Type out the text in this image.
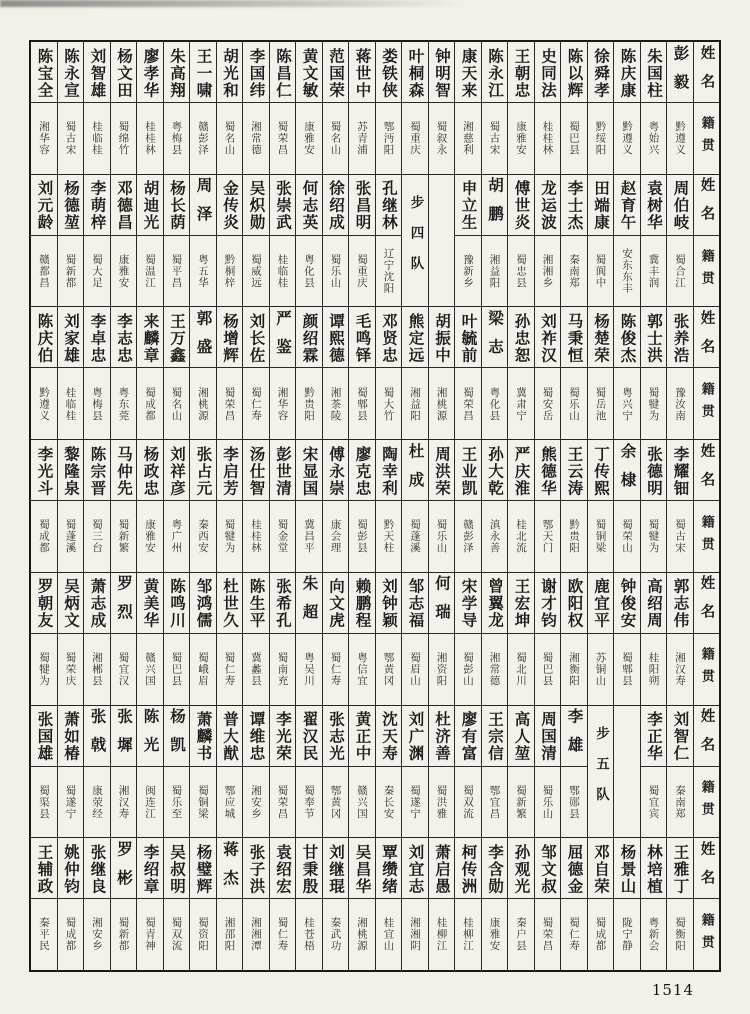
陈宝全
湘华容
陈永宣
蜀古宋
刘智雄
桂临桂
杨文田
蜀绵竹
廖孝华
桂桂林
朱高翔
粤梅县
王一啸
赣彭泽
胡光和
蜀名山
李国纬
湘常德
陈昌仁
蜀荣昌
黄文敏
康雅安
范国荣
蜀名山
蒋世中
苏青浦
娄铁侠
鄂沔阳
叶桐森
蜀重庆
钟明智
蜀叙永
康天来
湘慈利
陈永江
蜀古宋
王朝忠
康雅安
史同法
桂桂林
陈以辉
蜀巴县
徐舜孝
黔绥阳
陈庆康
黔遵义
朱国柱
粤始兴
彭毅
黔遵义
姓名
籍贯
刘元龄
赣都昌
杨德堃
蜀新都
李萌梓
蜀大足
邓德昌
康雅安
胡迪光
蜀温江
杨长荫
蜀平昌
周泽
粤五华
金传炎
黔桐梓
吴炽勋
蜀威远
张崇武
桂临桂
何志英
粤化县
徐绍成
蜀乐山
张昌明
蜀重庆
孔继林
辽宁沈阳 步四队 申立生
豫新乡
胡鹏
湘益阳
傅世炎
蜀忠县
龙运波
湘湘乡
李士杰
秦南郑
田端康
蜀阆中
赵育午
安东东丰
袁树华
冀丰润
周伯岐
蜀合江
姓名
籍贯
陈庆伯
黔遵义
刘家雄
桂临桂
李卓忠
粤梅县
李志忠
粤东莞
来麟章
蜀成都
王万鑫
蜀名山
郭盛
湘桃源
杨增辉
蜀荣昌
刘长佐
蜀仁寿
严鉴
湘华容
颜绍霖
黔贵阳
谭熙德
湘茶陵
毛鸣铎
蜀郫县
邓贤忠
蜀大竹
熊定远
湘益阳
胡振中
湘桃源
叶毓前
蜀荣昌
梁志
粤化县
孙忠恕
冀肃宁
刘祚汉
蜀安岳
马秉恒
蜀乐山
杨楚荣
蜀岳池
陈俊杰
粤兴宁
郭士洪
蜀犍为
张养浩
豫汝南
姓名
籍贯
李光斗
蜀成都
黎隆泉
蜀蓬溪
陈宗晋
蜀三台
马仲先
蜀新繁
杨政忠
康雅安
刘祥彦
粤广州
张占元
秦西安
李启芳
蜀犍为
汤仕智
桂桂林
彭世清
蜀金堂
宋显国
冀昌平
傅永崇
康会理
廖克忠
蜀彭县
陶幸利
黔天柱
杜成
蜀蓬溪
周洪荣
蜀乐山
王业凯
赣彭泽
孙大乾
滇永善
严庆淮
桂北流
熊德华
鄂天门
王云涛
黔贵阳
丁传熙
蜀铜梁
余棣
蜀荣山
张德明
蜀犍为
李耀钿
蜀古宋
姓名
籍贯
罗朝友
蜀犍为
吴炳文
蜀荣庆
萧志成
湘郴县
罗烈
蜀宜汉
黄美华
赣兴国
陈鸣川
蜀巴县
邹鸿儒
蜀峨眉
杜世久
蜀仁寿
陈生平
冀蠡县
张希孔
蜀南充
朱超
粤吴川
向文虎
蜀仁寿
赖鹏程
粤信宜
刘钟颖
鄂黄冈
邹志福
蜀眉山
何瑞
湘资阳
宋学导
蜀彭山
曾翼龙
湘常德
王宏坤
蜀北川
谢才钧
蜀巴县
欧阳权
湘衡阳
鹿宜平
苏铜山
钟俊安
蜀郫县
高绍周
桂阳朔
郭志伟
湘汉寿
姓名
籍贯
张国雄
蜀渠县
萧如椿
蜀遂宁
张戟
康荥经
张墀
湘汉寿
陈光
闽连江
杨凯
蜀乐至
萧麟书
蜀铜梁
普大猷
鄂应城
谭维忠
湘安乡
李光荣
蜀荣昌
翟汉民
蜀奉节
张志光
鄂黄冈
黄正中
赣兴国
沈天寿
秦长安
刘广渊
蜀遂宁
杜济善
蜀洪雅
廖有富
蜀双流
王宗信
鄂宜昌
高人堃
蜀新繁
周国清
蜀乐山
李雄
鄂郧县 步五队 李正华
蜀宜宾
刘智仁
秦南郑
姓名
籍贯
王辅政
秦平民
姚仲钧
蜀成都
张继良
湘安乡
罗彬
蜀新都
李绍章
蜀青神
吴叔明
蜀双流
杨璧辉
蜀资阳
蒋杰
湘邵阳
张子洪
湘湘潭
袁绍宏
蜀仁寿
甘秉殷
桂苍梧
刘继琨
秦武功
吴昌华
湘桃源
覃缵绪
桂宜山
刘宜志
湘湘阴
萧启愚
桂柳江
柯传洲
桂柳江
李含勋
康雅安
孙观光
秦户县
邹文叔
蜀荣昌
屈德金
蜀仁寿
邓自荣
蜀成都
杨景山
陇宁静
林培植
粤新会
王雅丁
蜀衡阳
姓名
籍贯
1514
